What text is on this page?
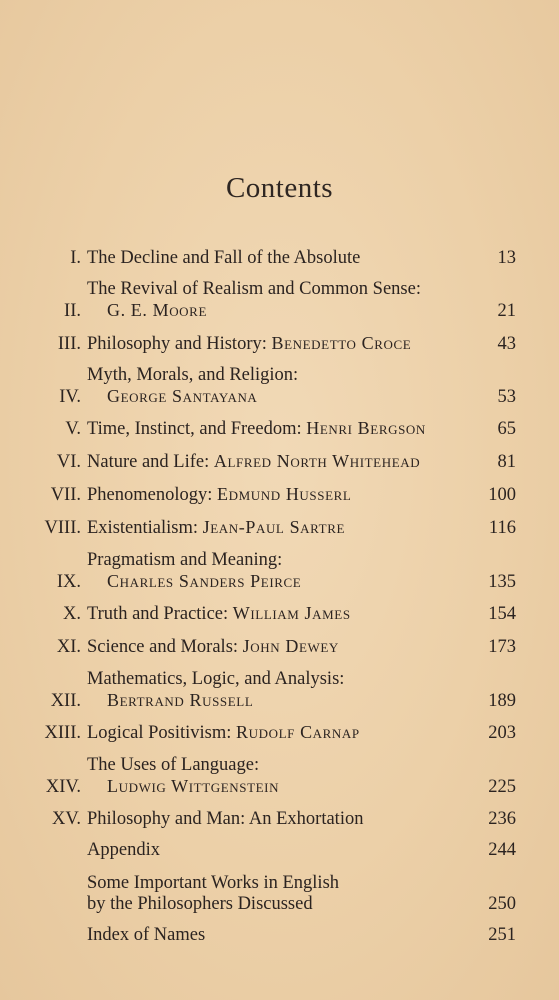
Contents
I. The Decline and Fall of the Absolute	13
II.
The Revival of Realism and Common Sense:
G. E. Moore	21
III. Philosophy and History: Benedetto Croce	43
IV.
Myth, Morals, and Religion:
George Santayana	53
V. Time, Instinct, and Freedom: Henri Bergson	65
VI. Nature and Life: Alfred North Whitehead	81
VII. Phenomenology: Edmund Husserl	100
VIII. Existentialism: Jean-Paul Sartre	116
IX.
Pragmatism and Meaning:
Charles Sanders Peirce	135
X. Truth and Practice: William James	154
XI. Science and Morals: John Dewey	173
XII.
Mathematics, Logic, and Analysis:
Bertrand Russell	189
XIII. Logical Positivism: Rudolf Carnap	203
XIV.
The Uses of Language:
Ludwig Wittgenstein	225
XV. Philosophy and Man: An Exhortation	236
Appendix	244
Some Important Works in English
by the Philosophers Discussed	250
Index of Names	251
